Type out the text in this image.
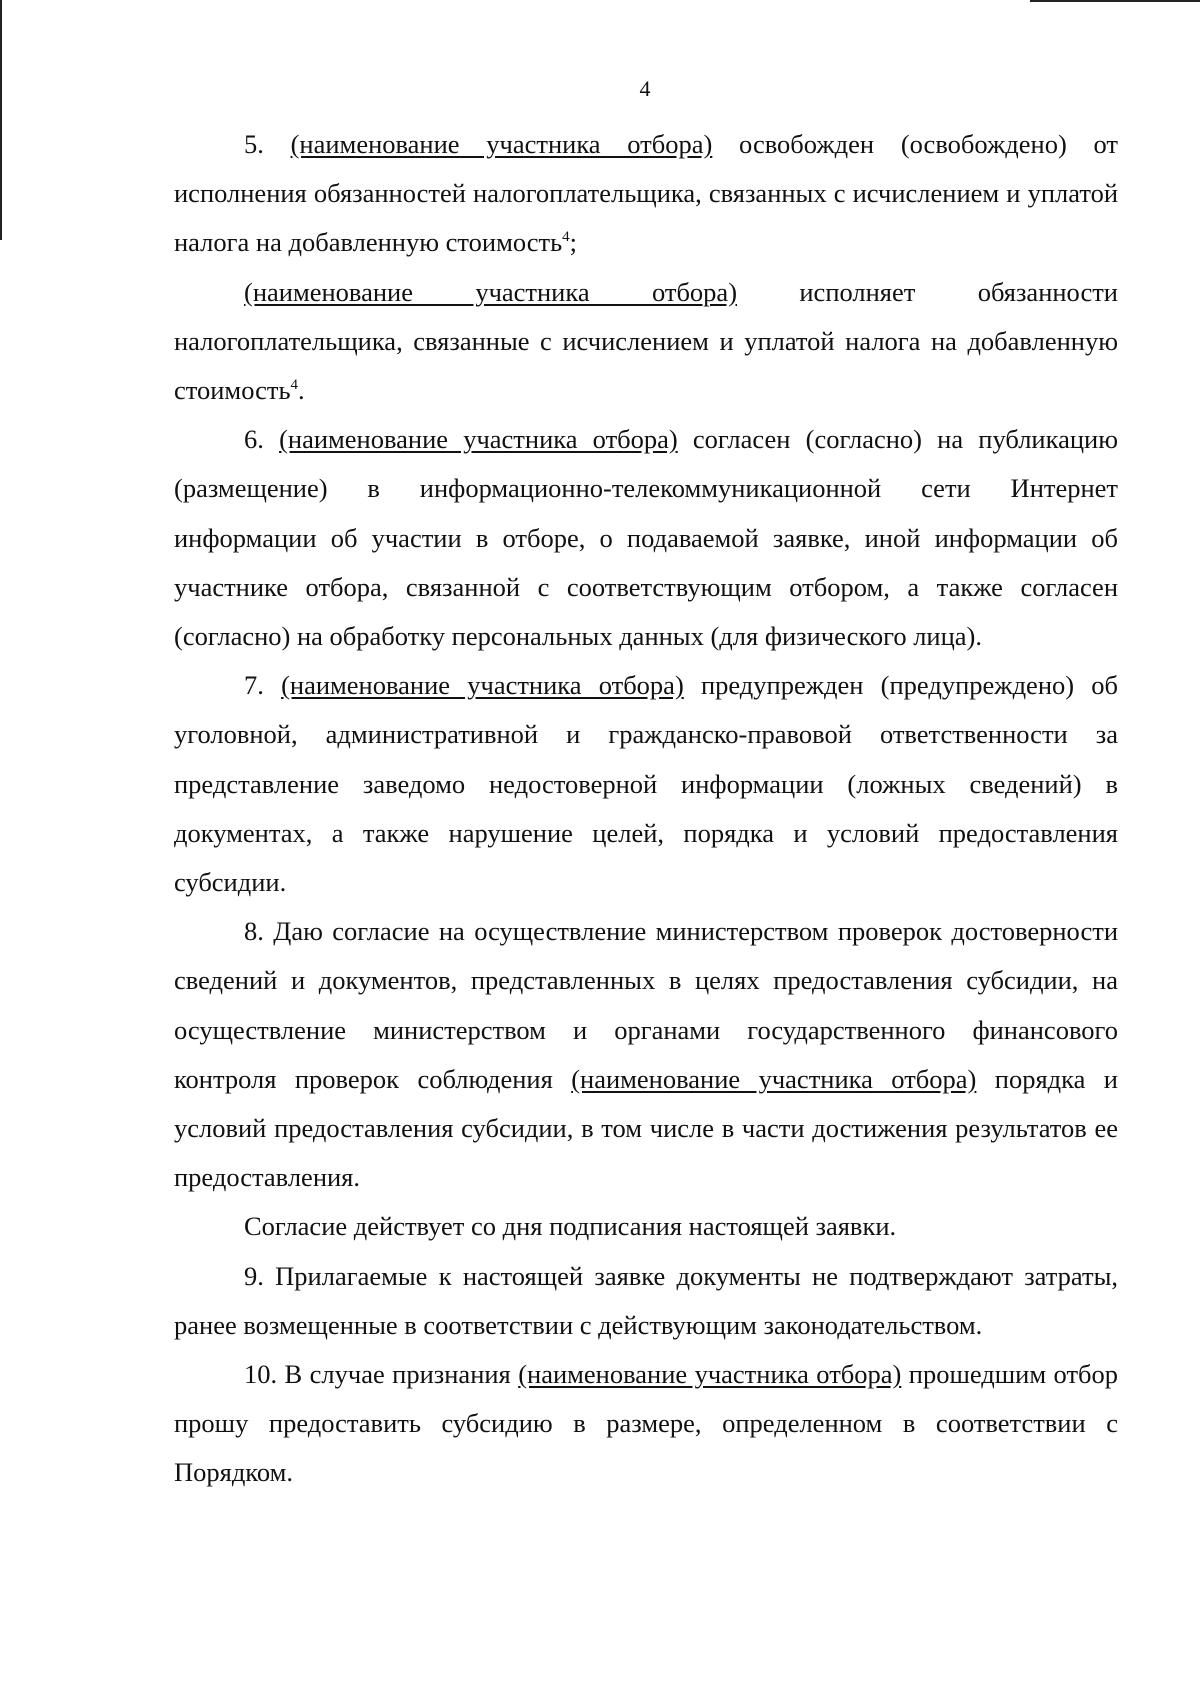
4

5. (наименование участника отбора) освобожден (освобождено) от исполнения обязанностей налогоплательщика, связанных с исчислением и уплатой налога на добавленную стоимость$^4$;

(наименование участника отбора) исполняет обязанности налогоплательщика, связанные с исчислением и уплатой налога на добавленную стоимость$^4$.

6. (наименование участника отбора) согласен (согласно) на публикацию (размещение) в информационно-телекоммуникационной сети Интернет информации об участии в отборе, о подаваемой заявке, иной информации об участнике отбора, связанной с соответствующим отбором, а также согласен (согласно) на обработку персональных данных (для физического лица).

7. (наименование участника отбора) предупрежден (предупреждено) об уголовной, административной и гражданско-правовой ответственности за представление заведомо недостоверной информации (ложных сведений) в документах, а также нарушение целей, порядка и условий предоставления субсидии.

8. Даю согласие на осуществление министерством проверок достоверности сведений и документов, представленных в целях предоставления субсидии, на осуществление министерством и органами государственного финансового контроля проверок соблюдения (наименование участника отбора) порядка и условий предоставления субсидии, в том числе в части достижения результатов ее предоставления.

Согласие действует со дня подписания настоящей заявки.

9. Прилагаемые к настоящей заявке документы не подтверждают затраты, ранее возмещенные в соответствии с действующим законодательством.

10. В случае признания (наименование участника отбора) прошедшим отбор прошу предоставить субсидию в размере, определенном в соответствии с Порядком.
